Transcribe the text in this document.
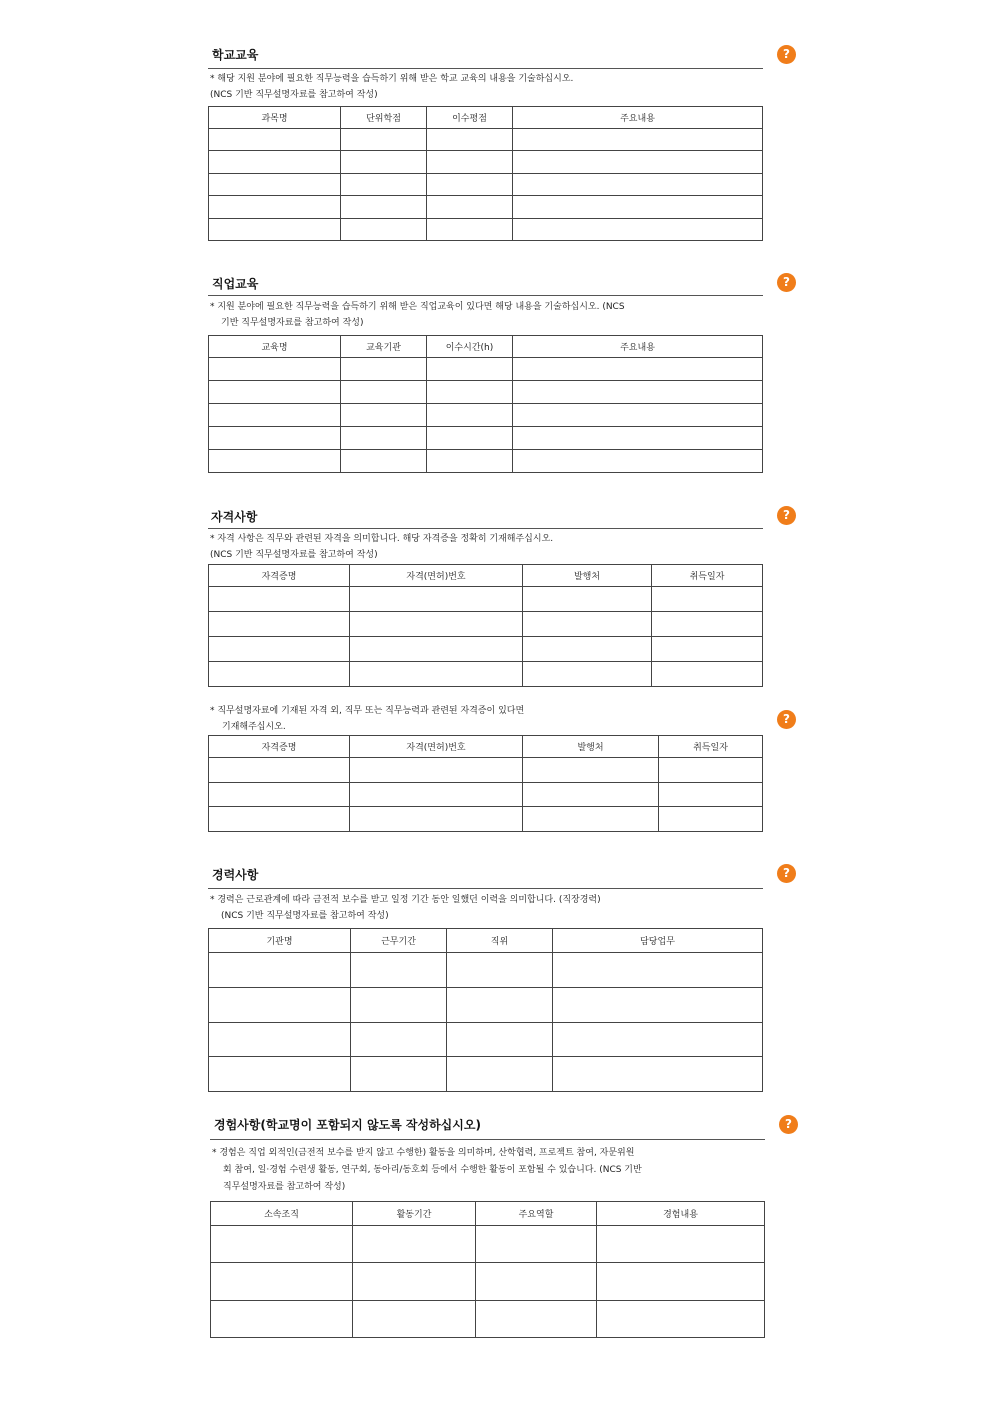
학교교육	?
* 해당 지원 분야에 필요한 직무능력을 습득하기 위해 받은 학교 교육의 내용을 기술하십시오.
(NCS 기반 직무설명자료를 참고하여 작성)
과목명	단위학점	이수평점	주요내용

직업교육	?
* 지원 분야에 필요한 직무능력을 습득하기 위해 받은 직업교육이 있다면 해당 내용을 기술하십시오. (NCS
기반 직무설명자료를 참고하여 작성)
교육명	교육기관	이수시간(h)	주요내용

자격사항	?
* 자격 사항은 직무와 관련된 자격을 의미합니다. 해당 자격증을 정확히 기재해주십시오.
(NCS 기반 직무설명자료를 참고하여 작성)
자격증명	자격(면허)번호	발행처	취득일자

?
* 직무설명자료에 기재된 자격 외, 직무 또는 직무능력과 관련된 자격증이 있다면
기재해주십시오.
자격증명	자격(면허)번호	발행처	취득일자

경력사항	?
* 경력은 근로관계에 따라 금전적 보수를 받고 일정 기간 동안 일했던 이력을 의미합니다. (직장경력)
(NCS 기반 직무설명자료를 참고하여 작성)
기관명	근무기간	직위	담당업무

경험사항(학교명이 포함되지 않도록 작성하십시오)	?
* 경험은 직업 외적인(금전적 보수를 받지 않고 수행한) 활동을 의미하며, 산학협력, 프로젝트 참여, 자문위원
회 참여, 일·경험 수련생 활동, 연구회, 동아리/동호회 등에서 수행한 활동이 포함될 수 있습니다. (NCS 기반
직무설명자료를 참고하여 작성)
소속조직	활동기간	주요역할	경험내용
